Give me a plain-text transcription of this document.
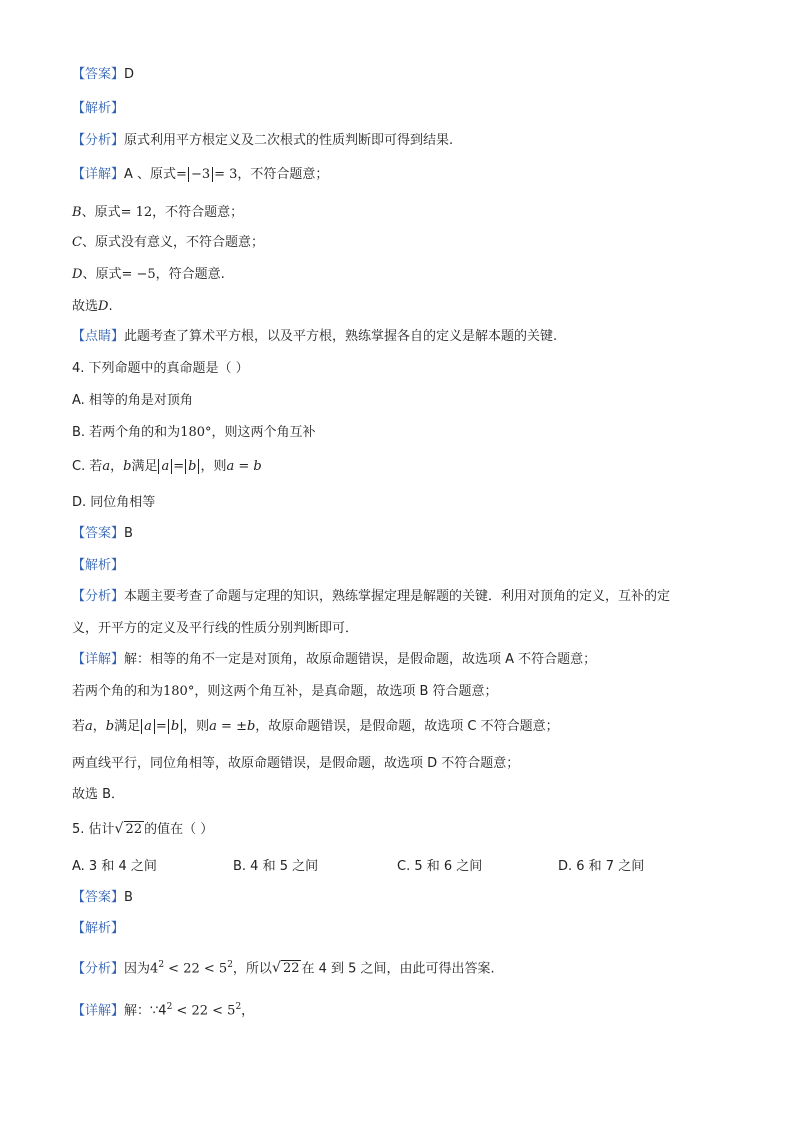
【答案】D
【解析】
【分析】原式利用平方根定义及二次根式的性质判断即可得到结果.
【详解】A 、原式= −3 = 3，不符合题意；
B、原式= 12，不符合题意；
C、原式没有意义，不符合题意；
D、原式= −5，符合题意.
故选D.
【点睛】此题考查了算术平方根，以及平方根，熟练掌握各自的定义是解本题的关键.
4. 下列命题中的真命题是（ ）
A. 相等的角是对顶角
B. 若两个角的和为180°，则这两个角互补
C. 若a，b满足 a = b ，则a = b
D. 同位角相等
【答案】B
【解析】
【分析】本题主要考查了命题与定理的知识，熟练掌握定理是解题的关键．利用对顶角的定义，互补的定
义，开平方的定义及平行线的性质分别判断即可．
【详解】解：相等的角不一定是对顶角，故原命题错误，是假命题，故选项 A 不符合题意；
若两个角的和为180°，则这两个角互补，是真命题，故选项 B 符合题意；
若a，b满足 a = b ，则a = ±b，故原命题错误，是假命题，故选项 C 不符合题意；
两直线平行，同位角相等，故原命题错误，是假命题，故选项 D 不符合题意；
故选 B．
5. 估计 √ 22 的值在（ ）
A. 3 和 4 之间	B. 4 和 5 之间	C. 5 和 6 之间	D. 6 和 7 之间
【答案】B
【解析】
【分析】因为$4^2 < 22 < 5^2$，所以 √ 22 在 4 到 5 之间，由此可得出答案.
【详解】解：$\because 4^2 < 22 < 5^2$，
